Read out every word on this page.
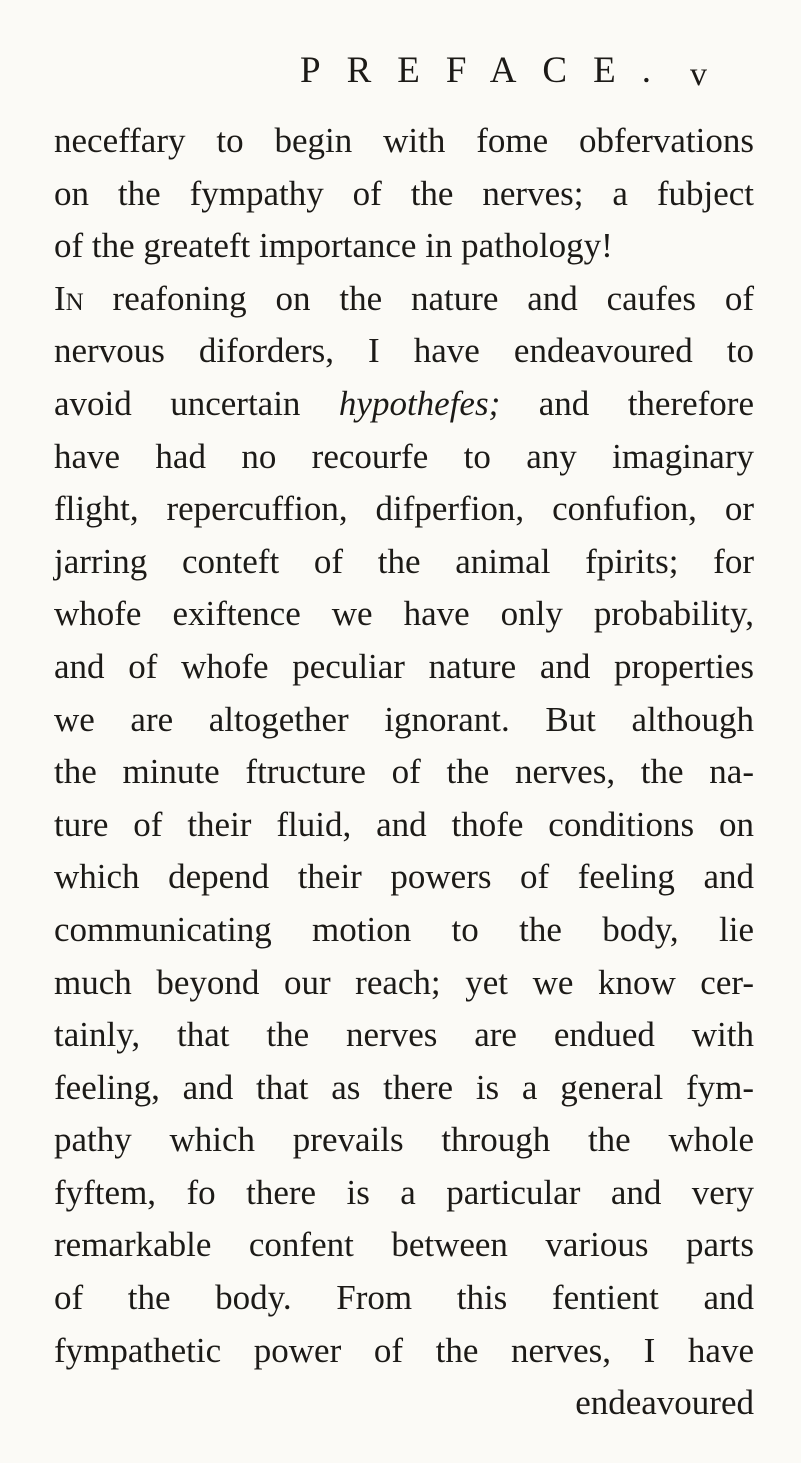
PREFACE. v
neceffary to begin with fome obfervations
on the fympathy of the nerves; a fubject
of the greateft importance in pathology!
In reafoning on the nature and caufes of
nervous diforders, I have endeavoured to
avoid uncertain hypothefes; and therefore
have had no recourfe to any imaginary
flight, repercuffion, difperfion, confufion, or
jarring conteft of the animal fpirits; for
whofe exiftence we have only probability,
and of whofe peculiar nature and properties
we are altogether ignorant. But although
the minute ftructure of the nerves, the na-
ture of their fluid, and thofe conditions on
which depend their powers of feeling and
communicating motion to the body, lie
much beyond our reach; yet we know cer-
tainly, that the nerves are endued with
feeling, and that as there is a general fym-
pathy which prevails through the whole
fyftem, fo there is a particular and very
remarkable confent between various parts
of the body. From this fentient and
fympathetic power of the nerves, I have
endeavoured
